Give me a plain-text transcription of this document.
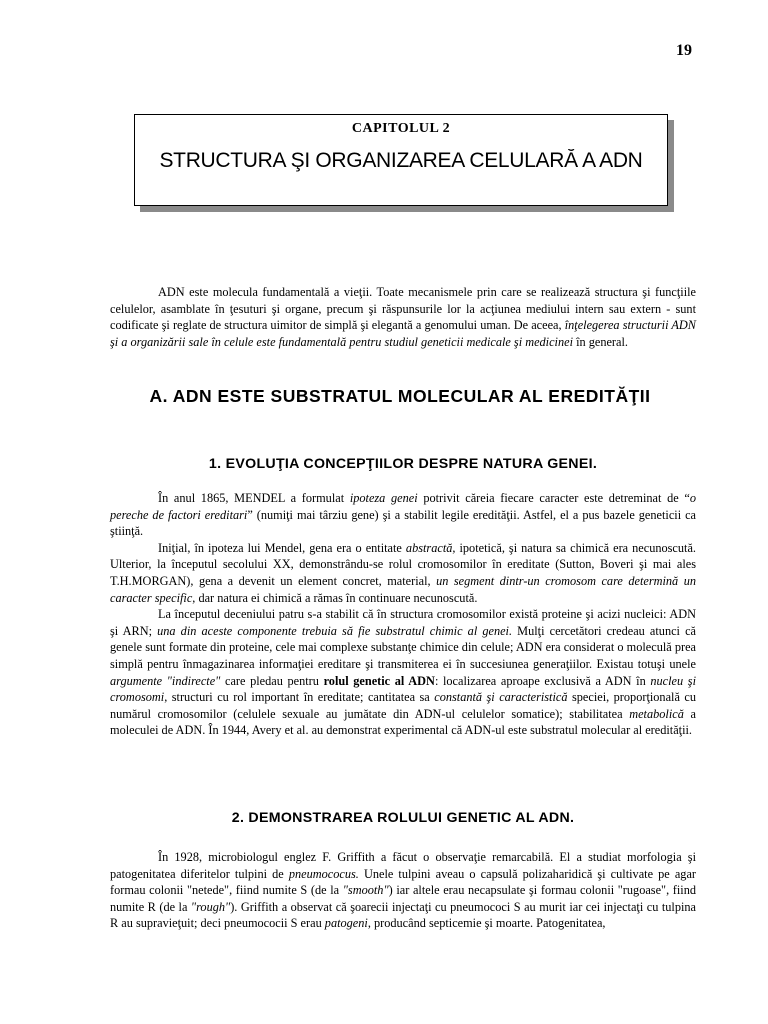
19
CAPITOLUL 2
STRUCTURA ŞI ORGANIZAREA CELULARĂ A ADN

ADN este molecula fundamentală a vieţii. Toate mecanismele prin care se realizează structura şi funcţiile celulelor, asamblate în ţesuturi şi organe, precum şi răspunsurile lor la acţiunea mediului intern sau extern - sunt codificate şi reglate de structura uimitor de simplă şi elegantă a genomului uman. De aceea, înţelegerea structurii ADN şi a organizării sale în celule este fundamentală pentru studiul geneticii medicale şi medicinei în general.

A. ADN ESTE SUBSTRATUL MOLECULAR AL EREDITĂŢII
1. EVOLUŢIA CONCEPŢIILOR DESPRE NATURA GENEI.

În anul 1865, MENDEL a formulat ipoteza genei potrivit căreia fiecare caracter este detreminat de “o pereche de factori ereditari” (numiţi mai târziu gene) şi a stabilit legile eredităţii. Astfel, el a pus bazele geneticii ca ştiinţă.

Iniţial, în ipoteza lui Mendel, gena era o entitate abstractă, ipotetică, şi natura sa chimică era necunoscută. Ulterior, la începutul secolului XX, demonstrându-se rolul cromosomilor în ereditate (Sutton, Boveri şi mai ales T.H.MORGAN), gena a devenit un element concret, material, un segment dintr-un cromosom care determină un caracter specific, dar natura ei chimică a rămas în continuare necunoscută.

La începutul deceniului patru s-a stabilit că în structura cromosomilor există proteine şi acizi nucleici: ADN şi ARN; una din aceste componente trebuia să fie substratul chimic al genei. Mulţi cercetători credeau atunci că genele sunt formate din proteine, cele mai complexe substanţe chimice din celule; ADN era considerat o moleculă prea simplă pentru înmagazinarea informaţiei ereditare şi transmiterea ei în succesiunea generaţiilor. Existau totuşi unele argumente "indirecte" care pledau pentru rolul genetic al ADN: localizarea aproape exclusivă a ADN în nucleu şi cromosomi, structuri cu rol important în ereditate; cantitatea sa constantă şi caracteristică speciei, proporţională cu numărul cromosomilor (celulele sexuale au jumătate din ADN-ul celulelor somatice); stabilitatea metabolică a moleculei de ADN. În 1944, Avery et al. au demonstrat experimental că ADN-ul este substratul molecular al eredităţii.

2. DEMONSTRAREA ROLULUI GENETIC AL ADN.

În 1928, microbiologul englez F. Griffith a făcut o observaţie remarcabilă. El a studiat morfologia şi patogenitatea diferitelor tulpini de pneumococus. Unele tulpini aveau o capsulă polizaharidică şi cultivate pe agar formau colonii "netede", fiind numite S (de la "smooth") iar altele erau necapsulate şi formau colonii "rugoase", fiind numite R (de la "rough"). Griffith a observat că şoarecii injectaţi cu pneumococi S au murit iar cei injectaţi cu tulpina R au supravieţuit; deci pneumococii S erau patogeni, producând septicemie şi moarte. Patogenitatea,
